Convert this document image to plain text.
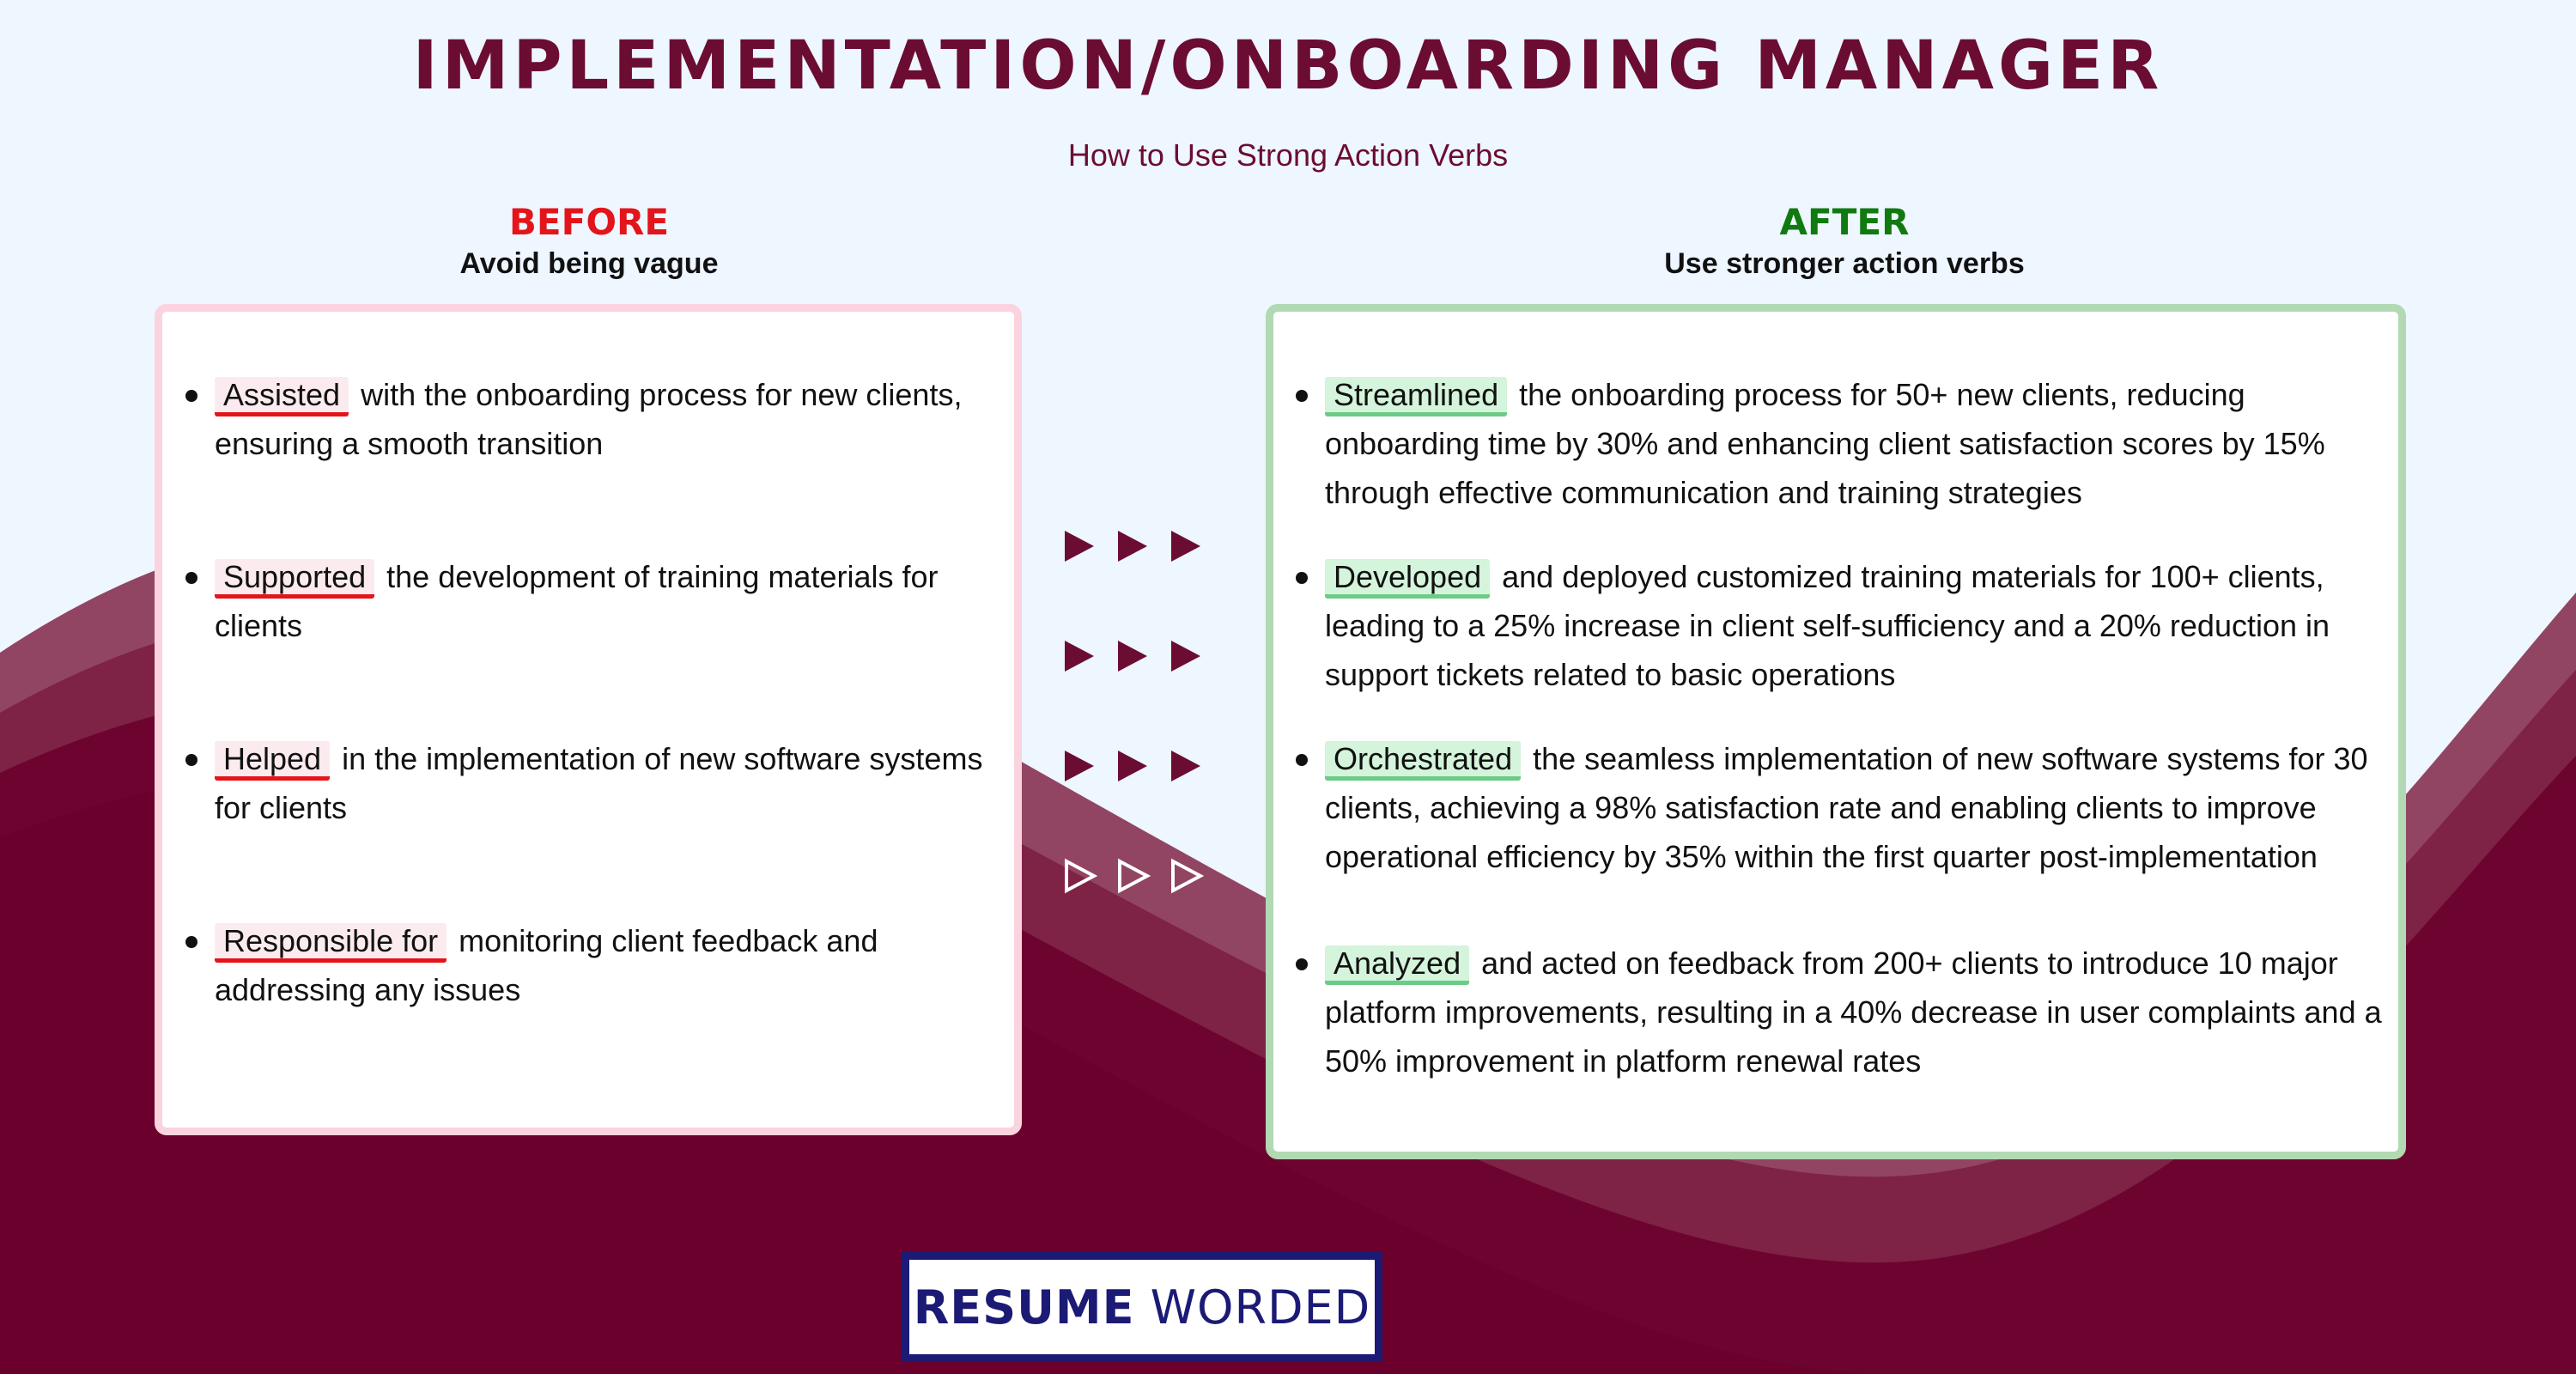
IMPLEMENTATION/ONBOARDING MANAGER
How to Use Strong Action Verbs
BEFORE
Avoid being vague
AFTER
Use stronger action verbs
Assisted with the onboarding process for new clients, ensuring a smooth transition
Supported the development of training materials for clients
Helped in the implementation of new software systems for clients
Responsible for monitoring client feedback and addressing any issues
Streamlined the onboarding process for 50+ new clients, reducing onboarding time by 30% and enhancing client satisfaction scores by 15% through effective communication and training strategies
Developed and deployed customized training materials for 100+ clients, leading to a 25% increase in client self-sufficiency and a 20% reduction in support tickets related to basic operations
Orchestrated the seamless implementation of new software systems for 30 clients, achieving a 98% satisfaction rate and enabling clients to improve operational efficiency by 35% within the first quarter post-implementation
Analyzed and acted on feedback from 200+ clients to introduce 10 major platform improvements, resulting in a 40% decrease in user complaints and a 50% improvement in platform renewal rates
RESUME WORDED
